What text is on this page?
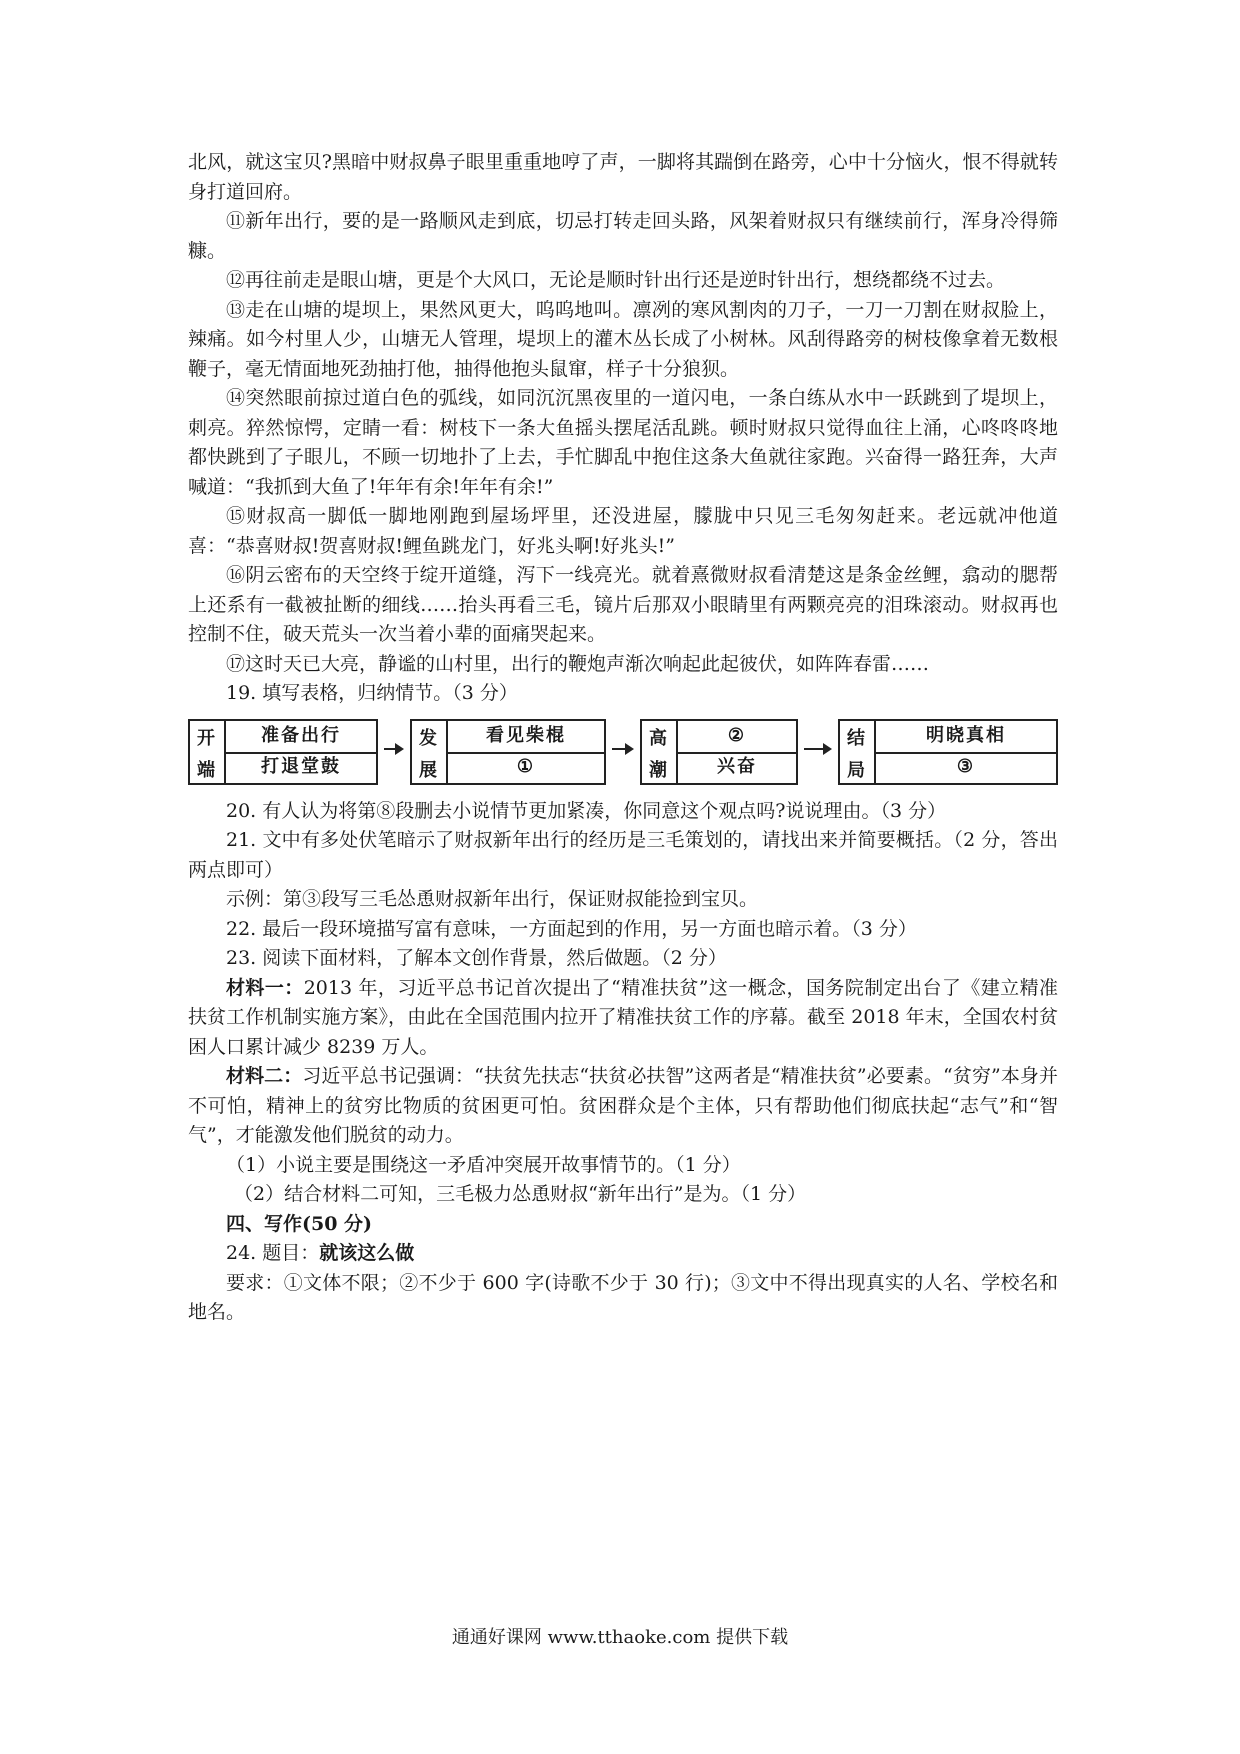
北风，就这宝贝?黑暗中财叔鼻子眼里重重地哼了声，一脚将其踹倒在路旁，心中十分恼火，恨不得就转身打道回府。

⑪新年出行，要的是一路顺风走到底，切忌打转走回头路，风架着财叔只有继续前行，浑身冷得筛糠。

⑫再往前走是眼山塘，更是个大风口，无论是顺时针出行还是逆时针出行，想绕都绕不过去。

⑬走在山塘的堤坝上，果然风更大，呜呜地叫。凛冽的寒风割肉的刀子，一刀一刀割在财叔脸上，辣痛。如今村里人少，山塘无人管理，堤坝上的灌木丛长成了小树林。风刮得路旁的树枝像拿着无数根鞭子，毫无情面地死劲抽打他，抽得他抱头鼠窜，样子十分狼狈。

⑭突然眼前掠过道白色的弧线，如同沉沉黑夜里的一道闪电，一条白练从水中一跃跳到了堤坝上，刺亮。猝然惊愕，定睛一看：树枝下一条大鱼摇头摆尾活乱跳。顿时财叔只觉得血往上涌，心咚咚咚地都快跳到了子眼儿，不顾一切地扑了上去，手忙脚乱中抱住这条大鱼就往家跑。兴奋得一路狂奔，大声喊道：“我抓到大鱼了!年年有余!年年有余!”

⑮财叔高一脚低一脚地刚跑到屋场坪里，还没进屋，朦胧中只见三毛匆匆赶来。老远就冲他道喜：“恭喜财叔!贺喜财叔!鲤鱼跳龙门，好兆头啊!好兆头!”

⑯阴云密布的天空终于绽开道缝，泻下一线亮光。就着熹微财叔看清楚这是条金丝鲤，翕动的腮帮上还系有一截被扯断的细线……抬头再看三毛，镜片后那双小眼睛里有两颗亮亮的泪珠滚动。财叔再也控制不住，破天荒头一次当着小辈的面痛哭起来。

⑰这时天已大亮，静谧的山村里，出行的鞭炮声渐次响起此起彼伏，如阵阵春雷……

19. 填写表格，归纳情节。（3 分）

开
端
准备出行
打退堂鼓
发
展
看见柴棍
①
高
潮
②
兴奋
结
局
明晓真相
③

20. 有人认为将第⑧段删去小说情节更加紧凑，你同意这个观点吗?说说理由。（3 分）

21. 文中有多处伏笔暗示了财叔新年出行的经历是三毛策划的，请找出来并简要概括。（2 分，答出两点即可）

示例：第③段写三毛怂恿财叔新年出行，保证财叔能捡到宝贝。

22. 最后一段环境描写富有意味，一方面起到的作用，另一方面也暗示着。（3 分）

23. 阅读下面材料，了解本文创作背景，然后做题。（2 分）

材料一：2013 年，习近平总书记首次提出了“精准扶贫”这一概念，国务院制定出台了《建立精准扶贫工作机制实施方案》，由此在全国范围内拉开了精准扶贫工作的序幕。截至 2018 年末，全国农村贫困人口累计减少 8239 万人。

材料二：习近平总书记强调：“扶贫先扶志“扶贫必扶智”这两者是“精准扶贫”必要素。“贫穷”本身并不可怕，精神上的贫穷比物质的贫困更可怕。贫困群众是个主体，只有帮助他们彻底扶起“志气”和“智气”，才能激发他们脱贫的动力。

（1）小说主要是围绕这一矛盾冲突展开故事情节的。（1 分）

（2）结合材料二可知，三毛极力怂恿财叔“新年出行”是为。（1 分）

四、写作(50 分)

24. 题目：就该这么做

要求：①文体不限；②不少于 600 字(诗歌不少于 30 行)；③文中不得出现真实的人名、学校名和地名。

通通好课网 www.tthaoke.com 提供下载
